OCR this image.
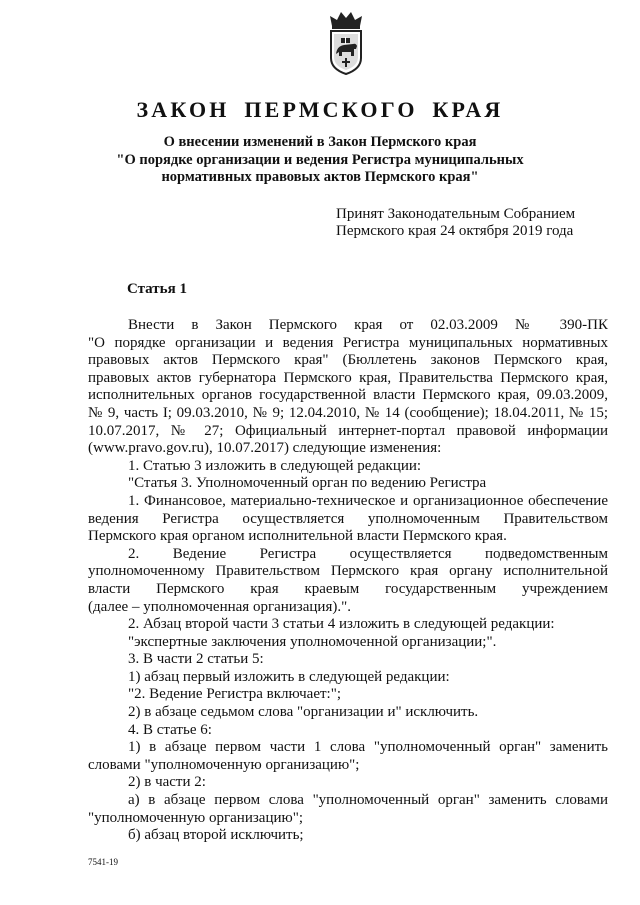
ЗАКОН ПЕРМСКОГО КРАЯ
О внесении изменений в Закон Пермского края
"О порядке организации и ведения Регистра муниципальных
нормативных правовых актов Пермского края"
Принят Законодательным Собранием
Пермского края 24 октября 2019 года
Статья 1
Внести в Закон Пермского края от 02.03.2009 № 390-ПК
"О порядке организации и ведения Регистра муниципальных нормативных
правовых актов Пермского края" (Бюллетень законов Пермского края,
правовых актов губернатора Пермского края, Правительства Пермского края,
исполнительных органов государственной власти Пермского края, 09.03.2009,
№ 9, часть I; 09.03.2010, № 9; 12.04.2010, № 14 (сообщение); 18.04.2011, № 15;
10.07.2017, № 27; Официальный интернет-портал правовой информации
(www.pravo.gov.ru), 10.07.2017) следующие изменения:
1. Статью 3 изложить в следующей редакции:
"Статья 3. Уполномоченный орган по ведению Регистра
1. Финансовое, материально-техническое и организационное обеспечение
ведения Регистра осуществляется уполномоченным Правительством
Пермского края органом исполнительной власти Пермского края.
2. Ведение Регистра осуществляется подведомственным
уполномоченному Правительством Пермского края органу исполнительной
власти Пермского края краевым государственным учреждением
(далее – уполномоченная организация).".
2. Абзац второй части 3 статьи 4 изложить в следующей редакции:
"экспертные заключения уполномоченной организации;".
3. В части 2 статьи 5:
1) абзац первый изложить в следующей редакции:
"2. Ведение Регистра включает:";
2) в абзаце седьмом слова "организации и" исключить.
4. В статье 6:
1) в абзаце первом части 1 слова "уполномоченный орган" заменить
словами "уполномоченную организацию";
2) в части 2:
а) в абзаце первом слова "уполномоченный орган" заменить словами
"уполномоченную организацию";
б) абзац второй исключить;
7541-19
